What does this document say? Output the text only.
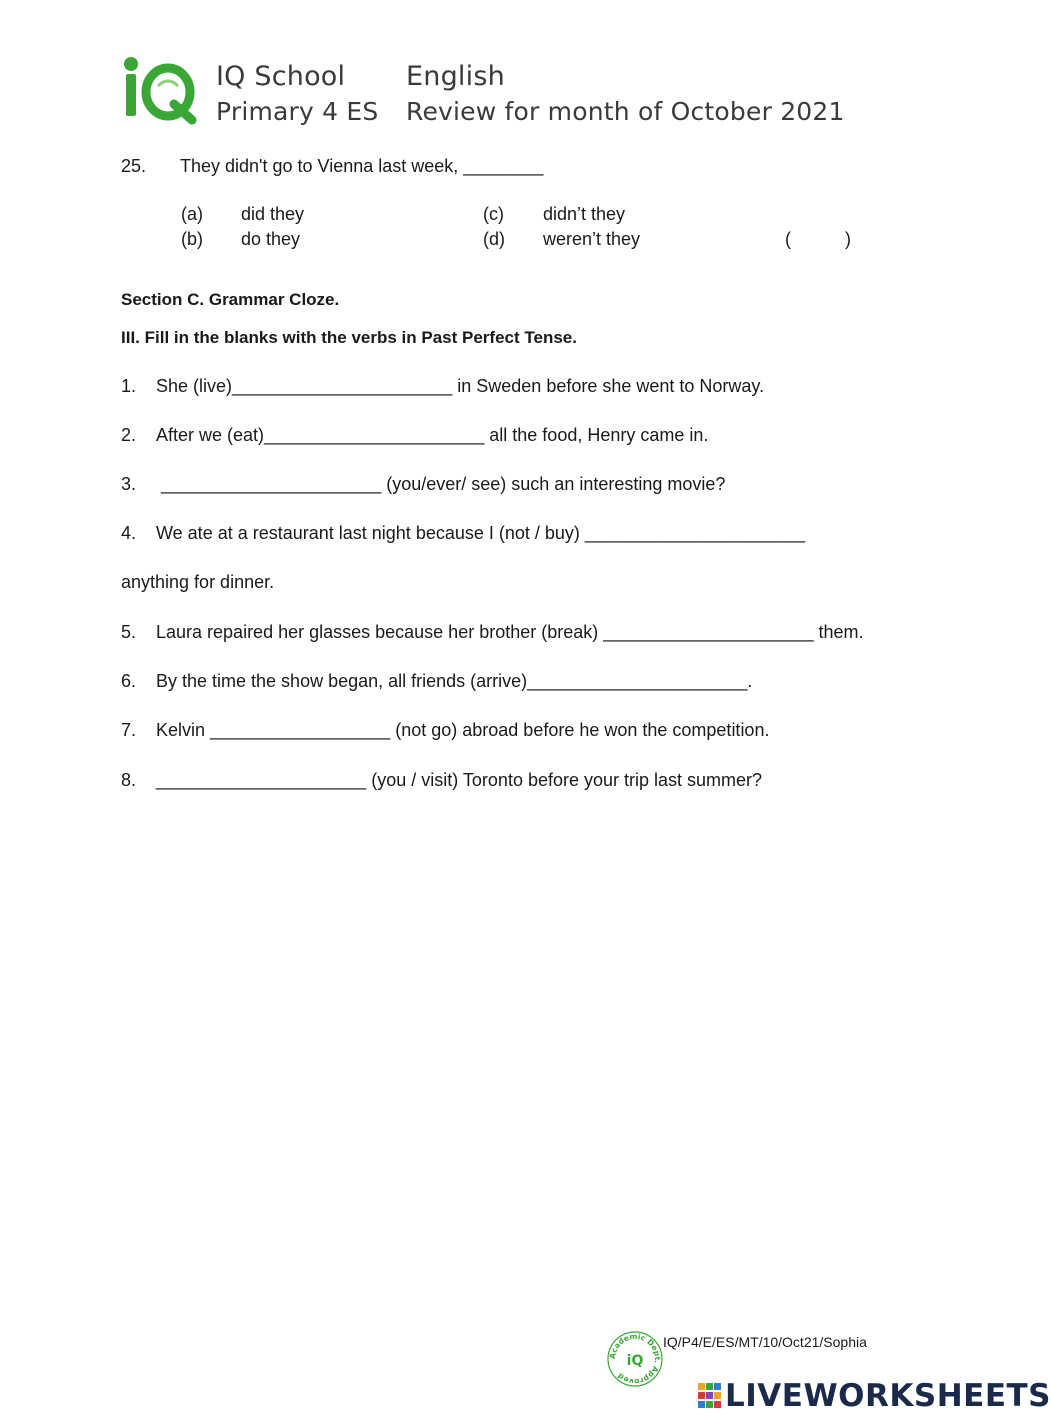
IQ School English
Primary 4 ES Review for month of October 2021
25. They didn't go to Vienna last week, ________
(a) did they
(b) do they
(c) didn’t they
(d) weren’t they	(	)
Section C. Grammar Cloze.
III. Fill in the blanks with the verbs in Past Perfect Tense.
1. She (live)______________________ in Sweden before she went to Norway.
2. After we (eat)______________________ all the food, Henry came in.
3. ______________________ (you/ever/ see) such an interesting movie?
4. We ate at a restaurant last night because I (not / buy) ______________________
anything for dinner.
5. Laura repaired her glasses because her brother (break) _____________________ them.
6. By the time the show began, all friends (arrive)______________________.
7. Kelvin __________________ (not go) abroad before he won the competition.
8. _____________________ (you / visit) Toronto before your trip last summer?
Academic Dept. Approved
iQ
IQ/P4/E/ES/MT/10/Oct21/Sophia
LIVEWORKSHEETS
